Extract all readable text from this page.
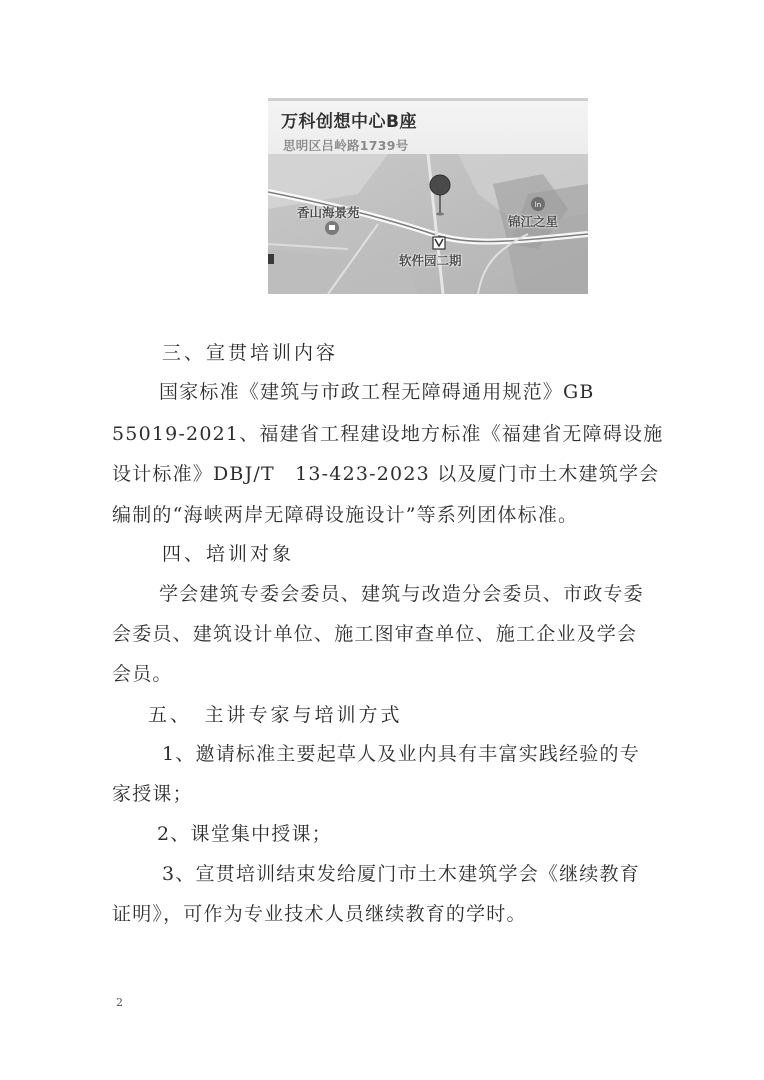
万科创想中心B座
思明区吕岭路1739号
ln
香山海景苑
锦江之星
软件园二期
三、宣贯培训内容
国家标准《建筑与市政工程无障碍通用规范》GB
55019-2021、福建省工程建设地方标准《福建省无障碍设施
设计标准》DBJ/T　13-423-2023 以及厦门市土木建筑学会
编制的“海峡两岸无障碍设施设计”等系列团体标准。
四、培训对象
学会建筑专委会委员、建筑与改造分会委员、市政专委
会委员、建筑设计单位、施工图审查单位、施工企业及学会
会员。
五、　主讲专家与培训方式
1、邀请标准主要起草人及业内具有丰富实践经验的专
家授课；
2、课堂集中授课；
3、宣贯培训结束发给厦门市土木建筑学会《继续教育
证明》，可作为专业技术人员继续教育的学时。
2
